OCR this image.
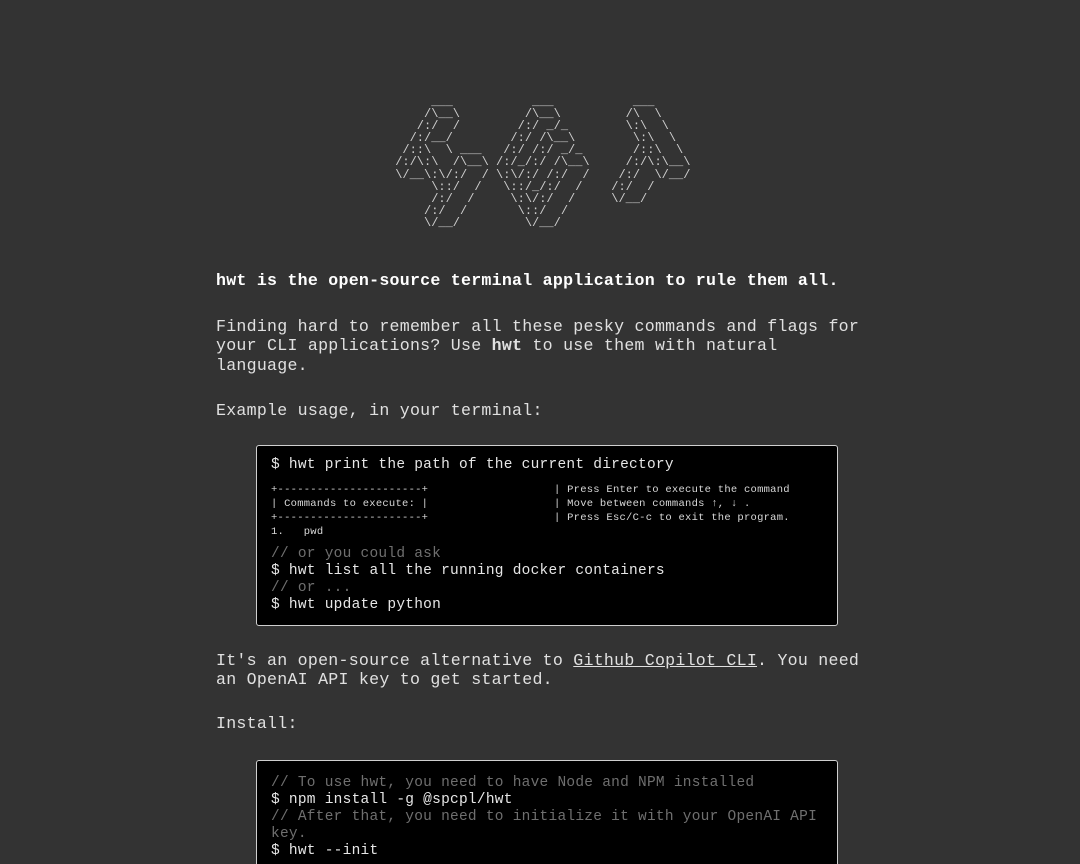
___           ___           ___
/\__\         /\__\         /\  \
/:/  /        /:/ _/_        \:\  \
/:/__/        /:/ /\__\        \:\  \
/::\  \ ___   /:/ /:/ _/_       /::\  \
/:/\:\  /\__\ /:/_/:/ /\__\     /:/\:\__\
\/__\:\/:/  / \:\/:/ /:/  /    /:/  \/__/
\::/  /   \::/_/:/  /    /:/  /
/:/  /     \:\/:/  /     \/__/
/:/  /       \::/  /
\/__/         \/__/

hwt is the open-source terminal application to rule them all.

Finding hard to remember all these pesky commands and flags for your CLI applications? Use hwt to use them with natural language.

Example usage, in your terminal:

$ hwt print the path of the current directory
+----------------------+
| Commands to execute: |
+----------------------+
1.   pwd
| Press Enter to execute the command
| Move between commands ↑, ↓ .
| Press Esc/C-c to exit the program.
// or you could ask
$ hwt list all the running docker containers
// or ...
$ hwt update python

It's an open-source alternative to Github Copilot CLI. You need an OpenAI API key to get started.

Install:

// To use hwt, you need to have Node and NPM installed
$ npm install -g @spcpl/hwt
// After that, you need to initialize it with your OpenAI API key.
$ hwt --init
